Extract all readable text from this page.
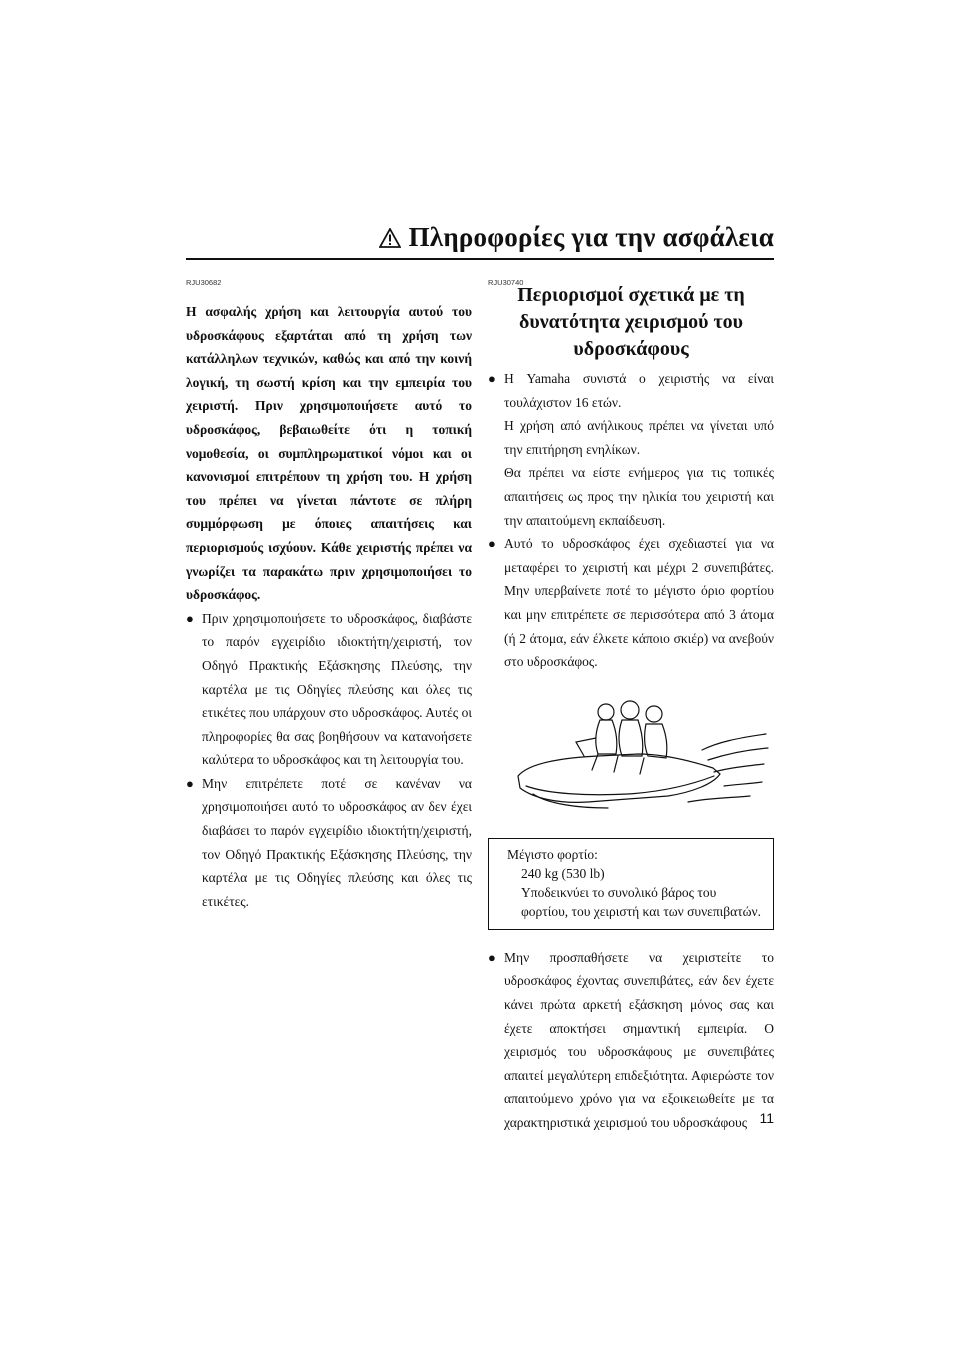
Πληροφορίες για την ασφάλεια
RJU30682	RJU30740

Η ασφαλής χρήση και λειτουργία αυτού του υδροσκάφους εξαρτάται από τη χρήση των κατάλληλων τεχνικών, καθώς και από την κοινή λογική, τη σωστή κρίση και την εμπειρία του χειριστή. Πριν χρησιμοποιήσετε αυτό το υδροσκάφος, βεβαιωθείτε ότι η τοπική νομοθεσία, οι συμπληρωματικοί νόμοι και οι κανονισμοί επιτρέπουν τη χρήση του. Η χρήση του πρέπει να γίνεται πάντοτε σε πλήρη συμμόρφωση με όποιες απαιτήσεις και περιορισμούς ισχύουν. Κάθε χειριστής πρέπει να γνωρίζει τα παρακάτω πριν χρησιμοποιήσει το υδροσκάφος.

● Πριν χρησιμοποιήσετε το υδροσκάφος, διαβάστε το παρόν εγχειρίδιο ιδιοκτήτη/χειριστή, τον Οδηγό Πρακτικής Εξάσκησης Πλεύσης, την καρτέλα με τις Οδηγίες πλεύσης και όλες τις ετικέτες που υπάρχουν στο υδροσκάφος. Αυτές οι πληροφορίες θα σας βοηθήσουν να κατανοήσετε καλύτερα το υδροσκάφος και τη λειτουργία του.
● Μην επιτρέπετε ποτέ σε κανέναν να χρησιμοποιήσει αυτό το υδροσκάφος αν δεν έχει διαβάσει το παρόν εγχειρίδιο ιδιοκτήτη/χειριστή, τον Οδηγό Πρακτικής Εξάσκησης Πλεύσης, την καρτέλα με τις Οδηγίες πλεύσης και όλες τις ετικέτες.
Περιορισμοί σχετικά με τη
δυνατότητα χειρισμού του
υδροσκάφους
● Η Yamaha συνιστά ο χειριστής να είναι τουλάχιστον 16 ετών.
Η χρήση από ανήλικους πρέπει να γίνεται υπό την επιτήρηση ενηλίκων.
Θα πρέπει να είστε ενήμερος για τις τοπικές απαιτήσεις ως προς την ηλικία του χειριστή και την απαιτούμενη εκπαίδευση.
● Αυτό το υδροσκάφος έχει σχεδιαστεί για να μεταφέρει το χειριστή και μέχρι 2 συνεπιβάτες. Μην υπερβαίνετε ποτέ το μέγιστο όριο φορτίου και μην επιτρέπετε σε περισσότερα από 3 άτομα (ή 2 άτομα, εάν έλκετε κάποιο σκιέρ) να ανεβούν στο υδροσκάφος.
Μέγιστο φορτίο:
240 kg (530 lb)
Υποδεικνύει το συνολικό βάρος του φορτίου, του χειριστή και των συνεπιβατών.
● Μην προσπαθήσετε να χειριστείτε το υδροσκάφος έχοντας συνεπιβάτες, εάν δεν έχετε κάνει πρώτα αρκετή εξάσκηση μόνος σας και έχετε αποκτήσει σημαντική εμπειρία. Ο χειρισμός του υδροσκάφους με συνεπιβάτες απαιτεί μεγαλύτερη επιδεξιότητα. Αφιερώστε τον απαιτούμενο χρόνο για να εξοικειωθείτε με τα χαρακτηριστικά χειρισμού του υδροσκάφους 11
